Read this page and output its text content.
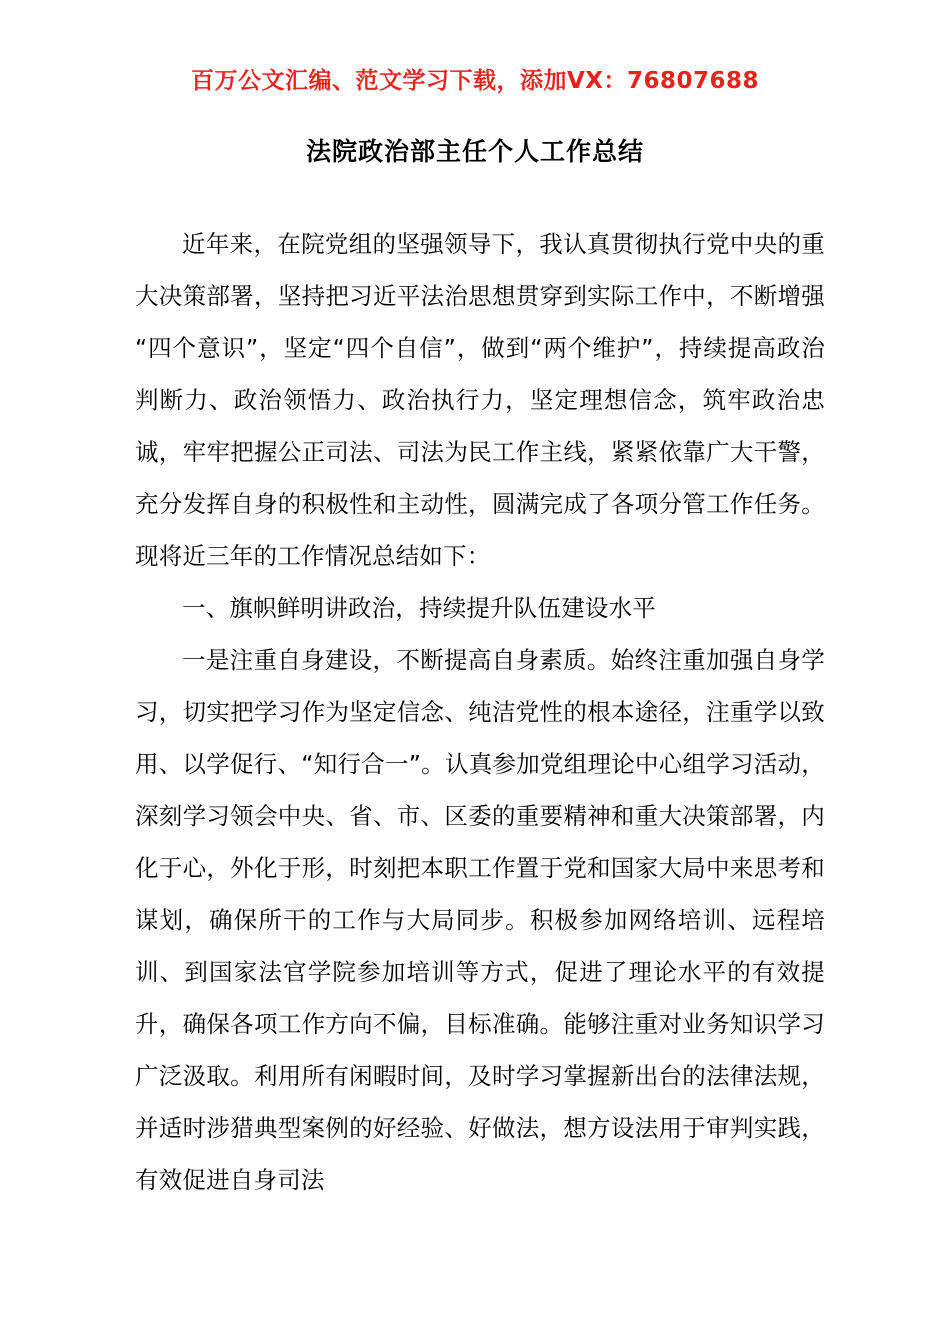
百万公文汇编、范文学习下载，添加VX：76807688
法院政治部主任个人工作总结

近年来，在院党组的坚强领导下，我认真贯彻执行党中央的重大决策部署，坚持把习近平法治思想贯穿到实际工作中，不断增强“四个意识”，坚定“四个自信”，做到“两个维护”，持续提高政治判断力、政治领悟力、政治执行力，坚定理想信念，筑牢政治忠诚，牢牢把握公正司法、司法为民工作主线，紧紧依靠广大干警，充分发挥自身的积极性和主动性，圆满完成了各项分管工作任务。现将近三年的工作情况总结如下：

一、旗帜鲜明讲政治，持续提升队伍建设水平

一是注重自身建设，不断提高自身素质。始终注重加强自身学习，切实把学习作为坚定信念、纯洁党性的根本途径，注重学以致用、以学促行、“知行合一”。认真参加党组理论中心组学习活动，深刻学习领会中央、省、市、区委的重要精神和重大决策部署，内化于心，外化于形，时刻把本职工作置于党和国家大局中来思考和谋划，确保所干的工作与大局同步。积极参加网络培训、远程培训、到国家法官学院参加培训等方式，促进了理论水平的有效提升，确保各项工作方向不偏，目标准确。能够注重对业务知识学习广泛汲取。利用所有闲暇时间，及时学习掌握新出台的法律法规，并适时涉猎典型案例的好经验、好做法，想方设法用于审判实践，有效促进自身司法
